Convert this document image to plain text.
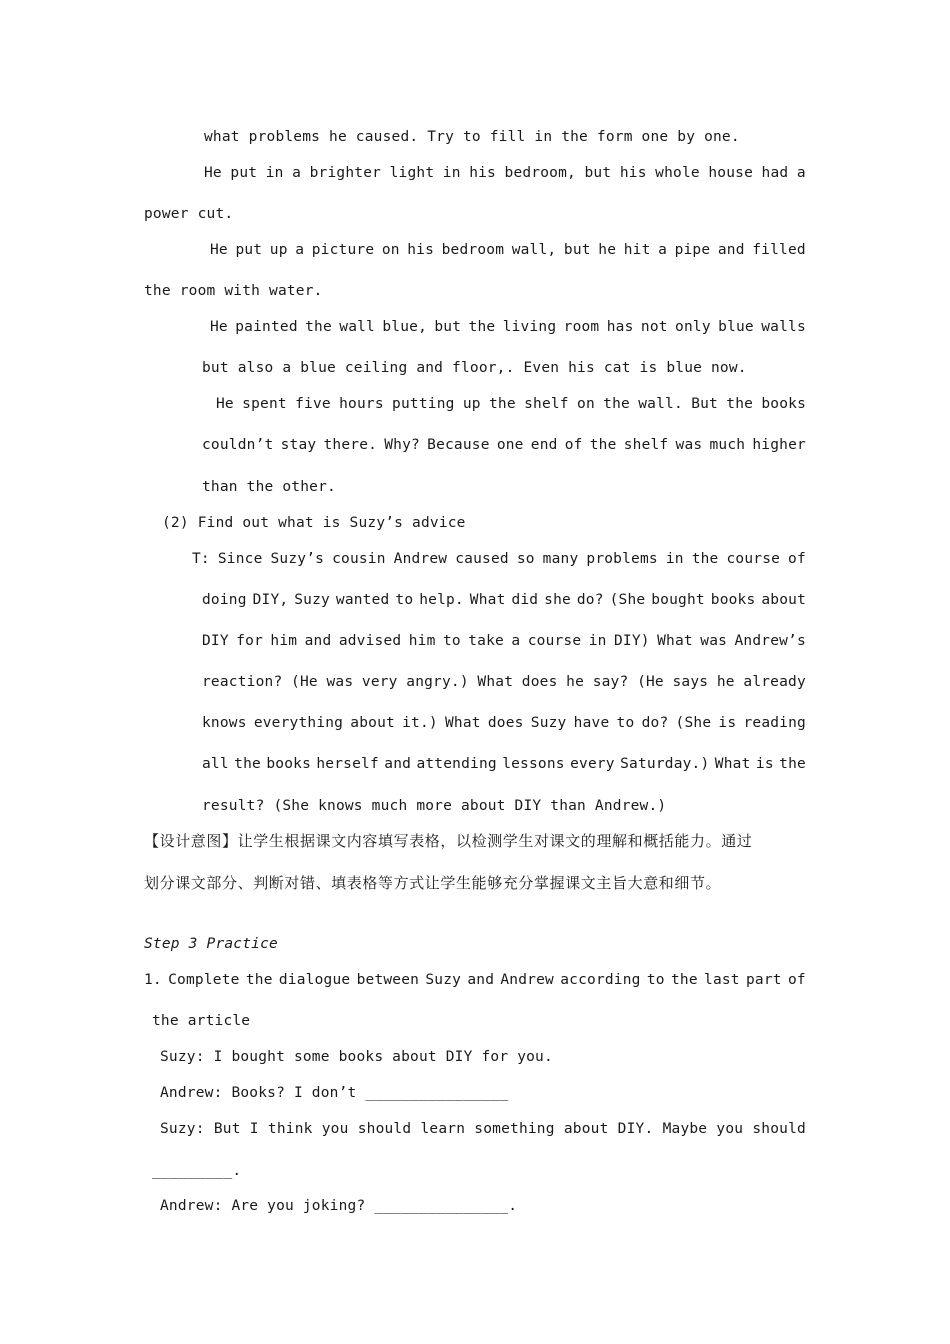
what problems he caused. Try to fill in the form one by one.
He put in a brighter light in his bedroom, but his whole house had a
power cut.
He put up a picture on his bedroom wall, but he hit a pipe and filled
the room with water.
He painted the wall blue, but the living room has not only blue walls
but also a blue ceiling and floor,. Even his cat is blue now.
He spent five hours putting up the shelf on the wall. But the books
couldn’t stay there. Why? Because one end of the shelf was much higher
than the other.
(2) Find out what is Suzy’s advice
T: Since Suzy’s cousin Andrew caused so many problems in the course of
doing DIY, Suzy wanted to help. What did she do? (She bought books about
DIY for him and advised him to take a course in DIY) What was Andrew’s
reaction? (He was very angry.) What does he say? (He says he already
knows everything about it.) What does Suzy have to do? (She is reading
all the books herself and attending lessons every Saturday.) What is the
result? (She knows much more about DIY than Andrew.)
【设计意图】让学生根据课文内容填写表格，以检测学生对课文的理解和概括能力。通过
划分课文部分、判断对错、填表格等方式让学生能够充分掌握课文主旨大意和细节。
Step 3 Practice
1. Complete the dialogue between Suzy and Andrew according to the last part of
the article
Suzy: I bought some books about DIY for you.
Andrew: Books? I don’t ________________
Suzy: But I think you should learn something about DIY. Maybe you should
_________.
Andrew: Are you joking? _______________.
